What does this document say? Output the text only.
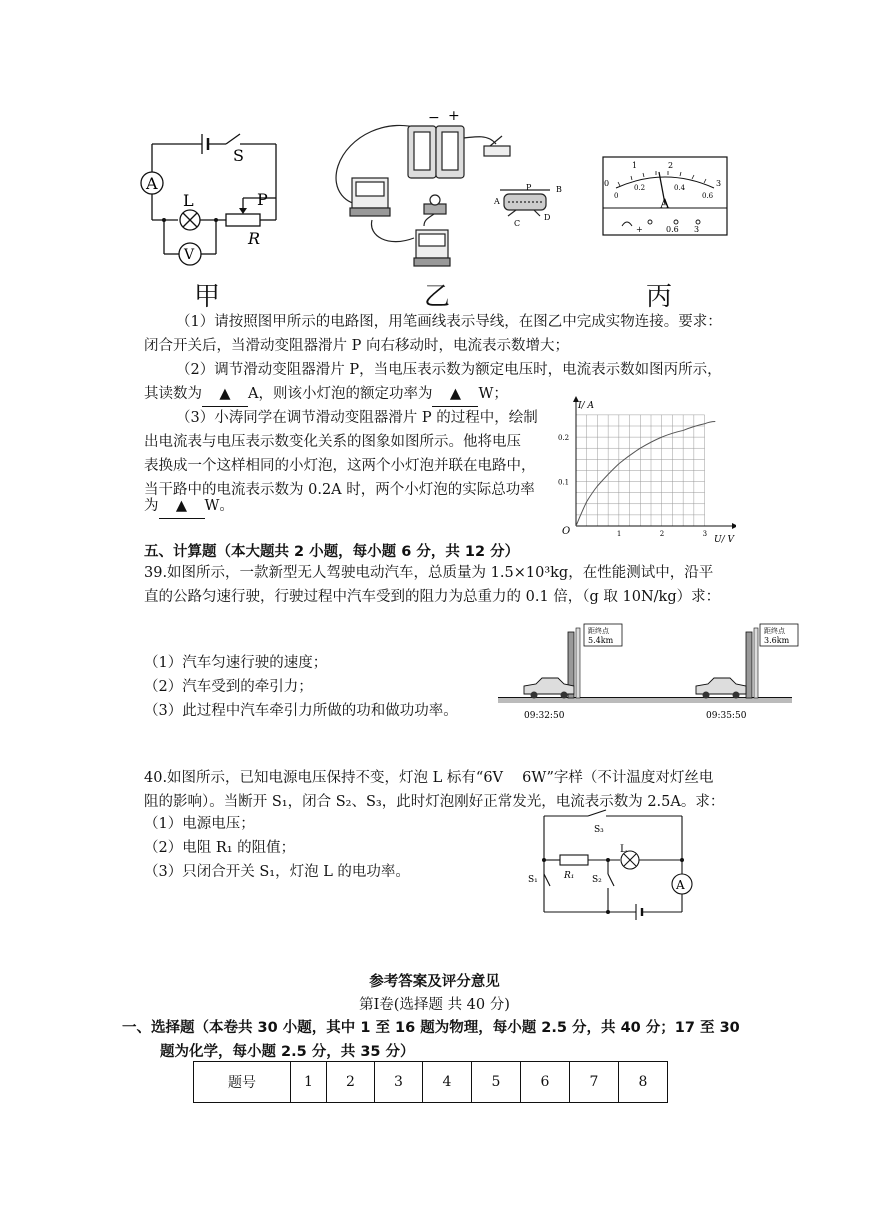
S
A
L	P
R
V
− +
P	B
A
C
D
0
1	2
3
0
0.2	0.4
0.6
A
+	0.6 3
甲	乙	丙
（1）请按照图甲所示的电路图，用笔画线表示导线，在图乙中完成实物连接。要求：
闭合开关后，当滑动变阻器滑片 P 向右移动时，电流表示数增大；
（2）调节滑动变阻器滑片 P，当电压表示数为额定电压时，电流表示数如图丙所示，
其读数为 ▲ A，则该小灯泡的额定功率为 ▲ W；
（3）小涛同学在调节滑动变阻器滑片 P 的过程中，绘制
出电流表与电压表示数变化关系的图象如图所示。他将电压
表换成一个这样相同的小灯泡，这两个小灯泡并联在电路中，
当干路中的电流表示数为 0.2A 时，两个小灯泡的实际总功率
为 ▲ W。
1	2	3
0.1
0.2
I/ A
U/ V
O
五、计算题（本大题共 2 小题，每小题 6 分，共 12 分）
39.如图所示，一款新型无人驾驶电动汽车，总质量为 1.5×10³kg，在性能测试中，沿平
直的公路匀速行驶，行驶过程中汽车受到的阻力为总重力的 0.1 倍，（g 取 10N/kg）求：
（1）汽车匀速行驶的速度；
（2）汽车受到的牵引力；
（3）此过程中汽车牵引力所做的功和做功功率。
距终点
5.4km
距终点
3.6km
09:32:50	09:35:50
40.如图所示，已知电源电压保持不变，灯泡 L 标有“6V　 6W”字样（不计温度对灯丝电
阻的影响）。当断开 S₁，闭合 S₂、S₃，此时灯泡刚好正常发光，电流表示数为 2.5A。求：
（1）电源电压；
（2）电阻 R₁ 的阻值；
（3）只闭合开关 S₁，灯泡 L 的电功率。
S₃
S₁	S₂
R₁
L
A
参考答案及评分意见
第Ⅰ卷(选择题 共 40 分)
一、选择题（本卷共 30 小题，其中 1 至 16 题为物理，每小题 2.5 分，共 40 分；17 至 30
题为化学，每小题 2.5 分，共 35 分）
题号	1	2	3	4	5	6	7	8
